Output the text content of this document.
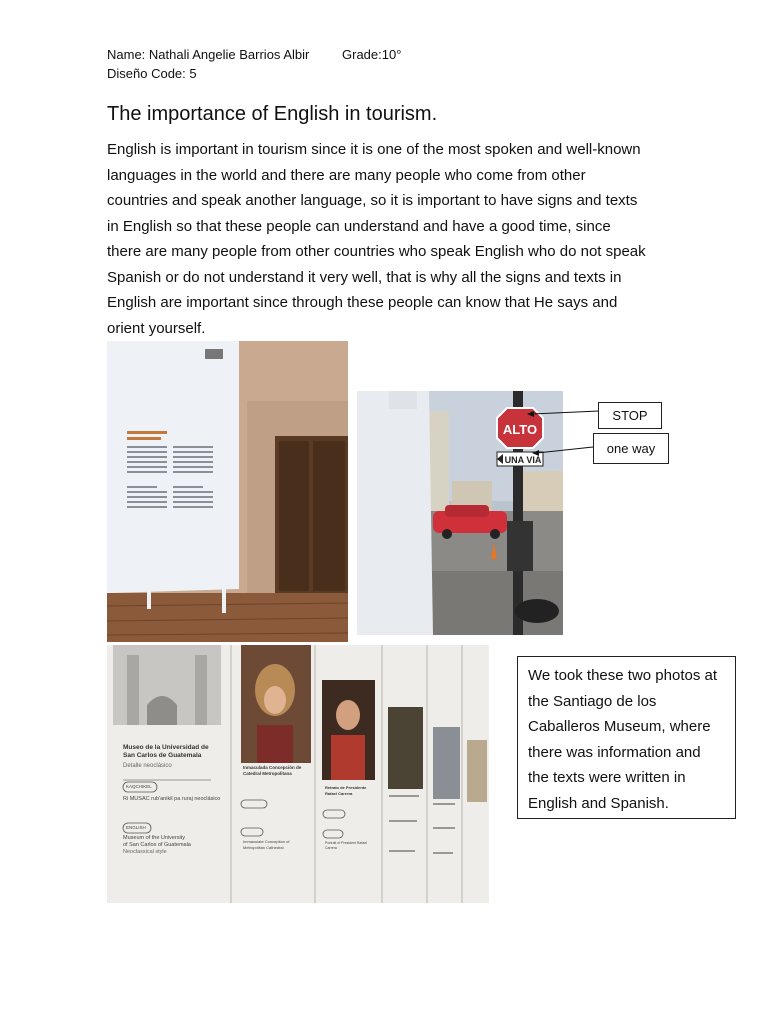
Name: Nathali Angelie Barrios Albir	Grade:10°
Diseño Code: 5
The importance of English in tourism.
English is important in tourism since it is one of the most spoken and well-known languages in the world and there are many people who come from other countries and speak another language, so it is important to have signs and texts in English so that these people can understand and have a good time, since there are many people from other countries who speak English who do not speak Spanish or do not understand it very well, that is why all the signs and texts in English are important since through these people can know that He says and orient yourself.
ALTO
UNA VIA
STOP
one way
Museo de la Universidad de San Carlos de Guatemala
Detalle neoclásico
KAQCHIKEL
Ri MUSAC rub'anikil pa ruraj neoclásico
ENGLISH
Museum of the University
of San Carlos of Guatemala
Neoclassical style
Inmaculada Concepción de Catedral Metropolitana
Immaculate Conception of Metropolitan Cathedral
Retrato de Presidente Rafael Carrera
Portrait of President Rafael Carrera
We took these two photos at the Santiago de los Caballeros Museum, where there was information and the texts were written in English and Spanish.
